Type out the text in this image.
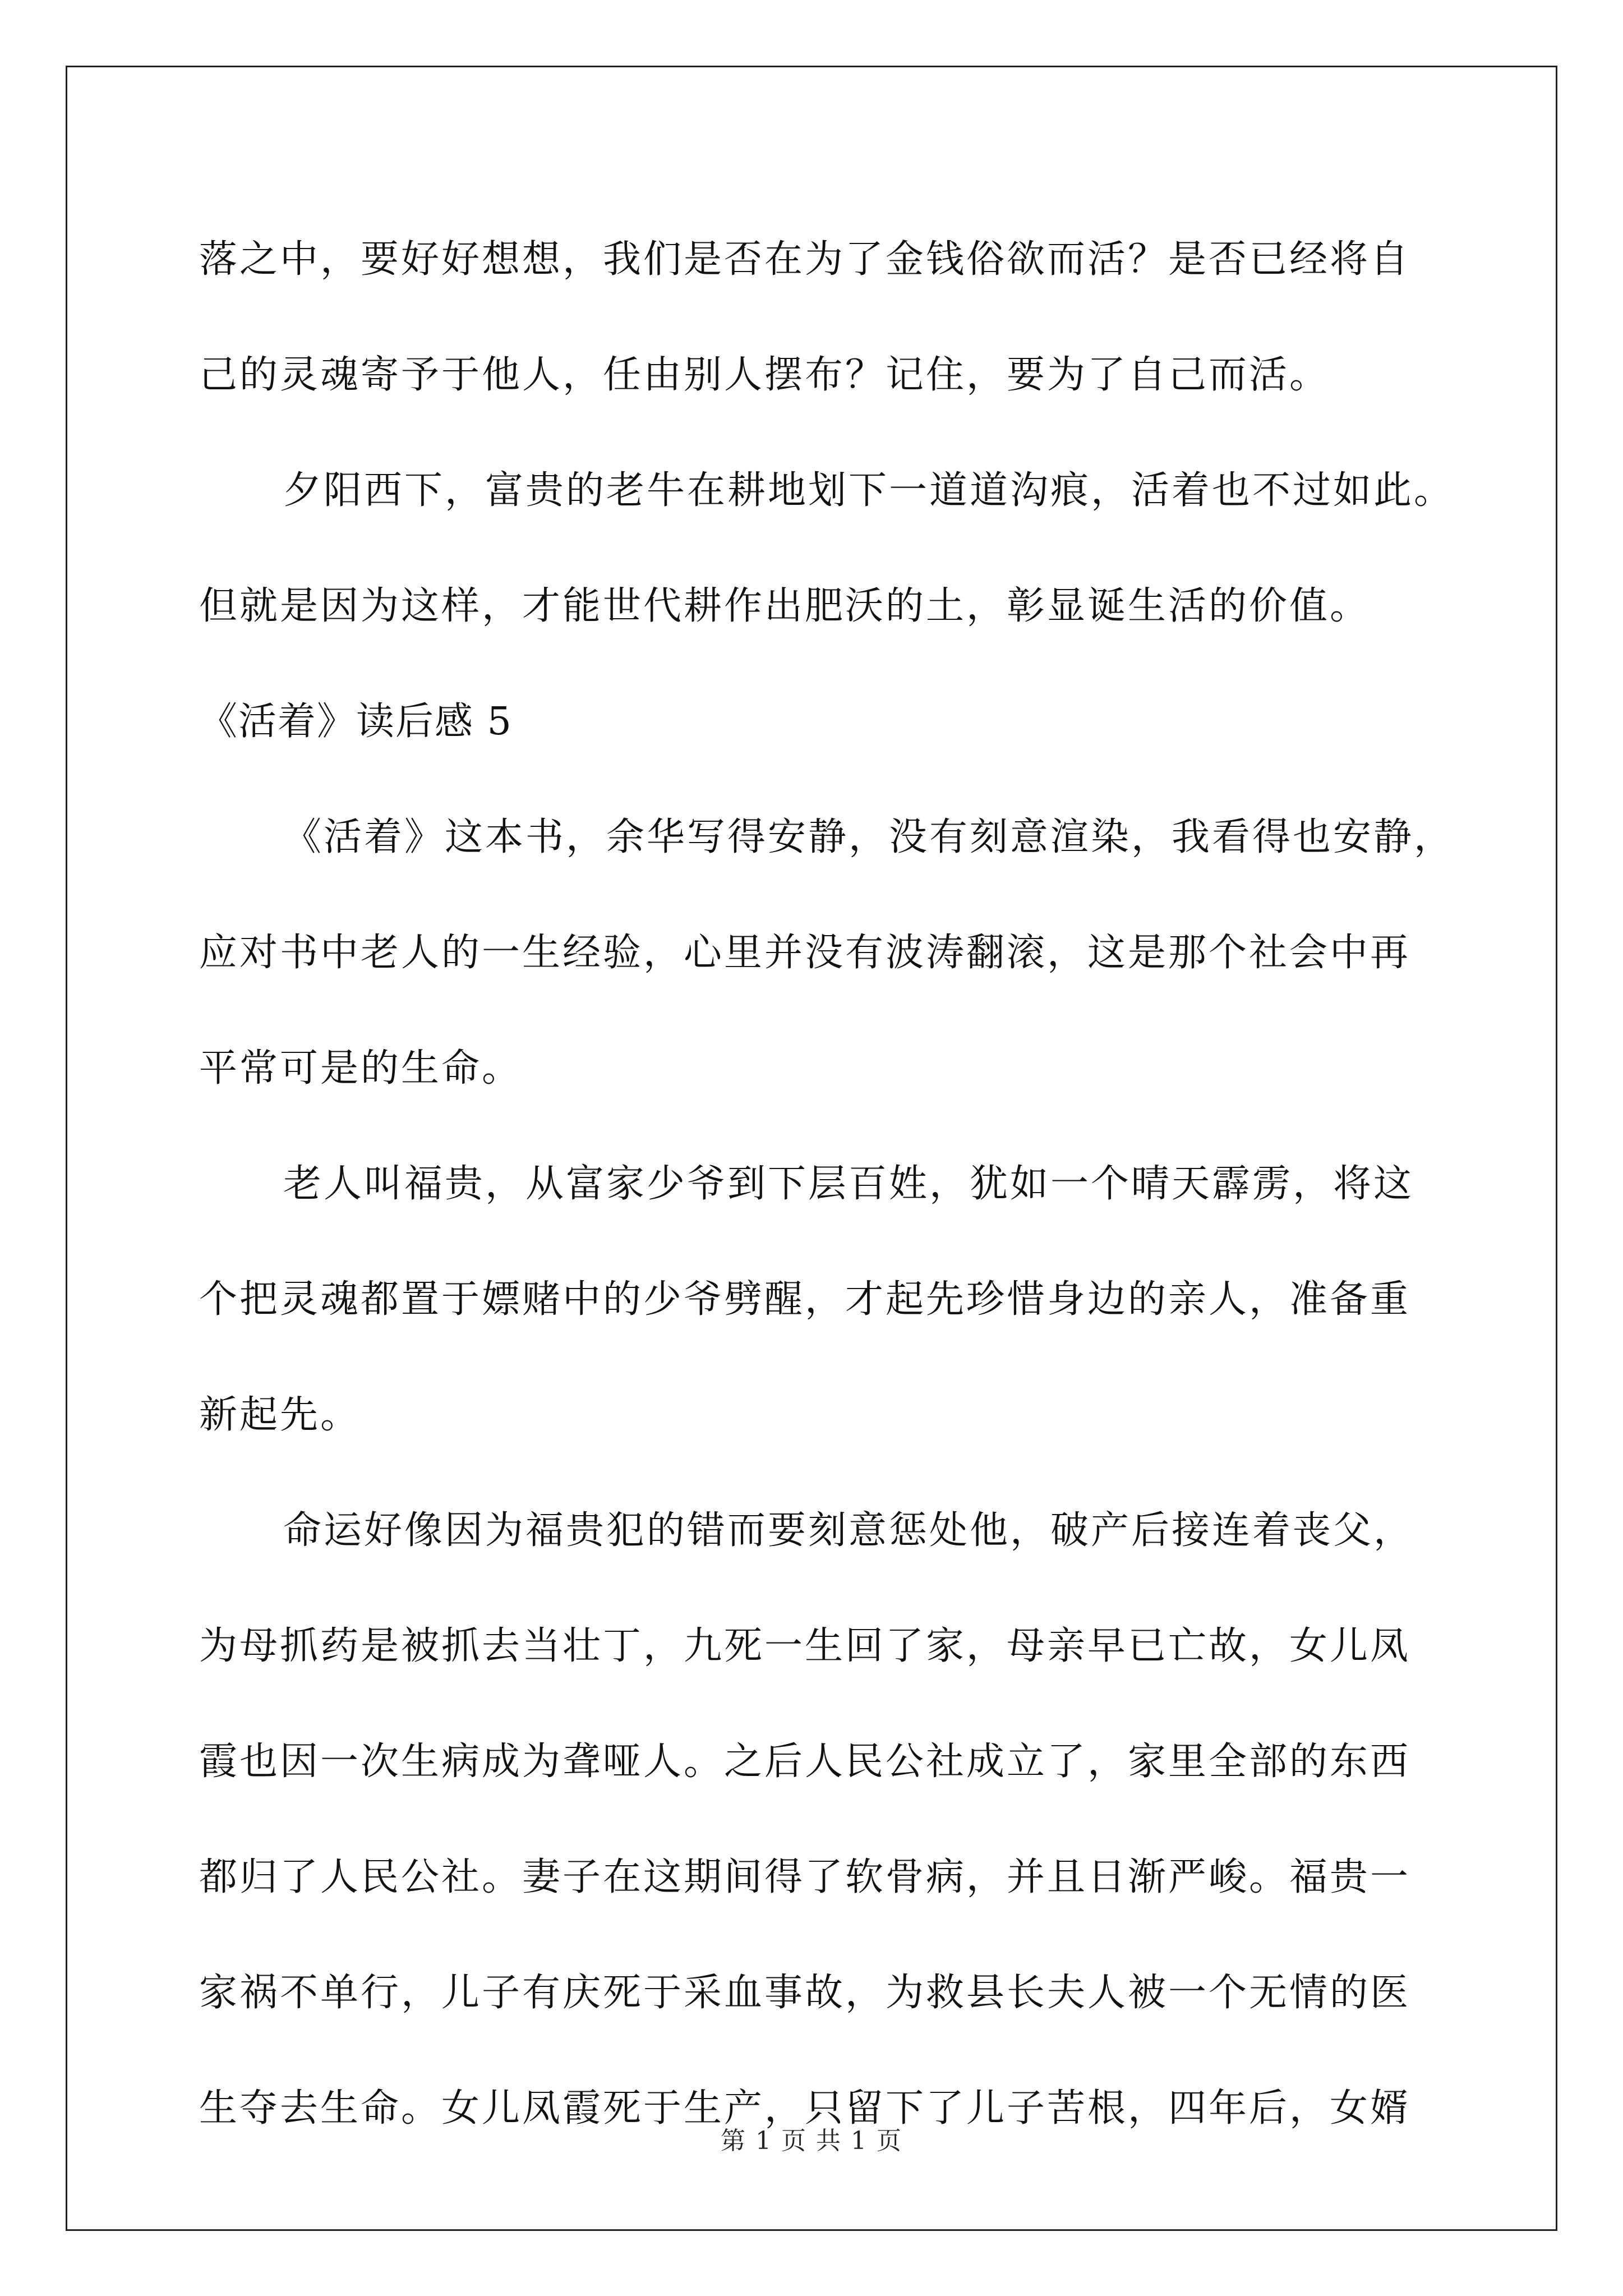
落之中，要好好想想，我们是否在为了金钱俗欲而活？是否已经将自
己的灵魂寄予于他人，任由别人摆布？记住，要为了自己而活。
夕阳西下，富贵的老牛在耕地划下一道道沟痕，活着也不过如此。
但就是因为这样，才能世代耕作出肥沃的土，彰显诞生活的价值。
《活着》读后感 5
《活着》这本书，余华写得安静，没有刻意渲染，我看得也安静，
应对书中老人的一生经验，心里并没有波涛翻滚，这是那个社会中再
平常可是的生命。
老人叫福贵，从富家少爷到下层百姓，犹如一个晴天霹雳，将这
个把灵魂都置于嫖赌中的少爷劈醒，才起先珍惜身边的亲人，准备重
新起先。
命运好像因为福贵犯的错而要刻意惩处他，破产后接连着丧父，
为母抓药是被抓去当壮丁，九死一生回了家，母亲早已亡故，女儿凤
霞也因一次生病成为聋哑人。之后人民公社成立了，家里全部的东西
都归了人民公社。妻子在这期间得了软骨病，并且日渐严峻。福贵一
家祸不单行，儿子有庆死于采血事故，为救县长夫人被一个无情的医
生夺去生命。女儿凤霞死于生产，只留下了儿子苦根，四年后，女婿
第 1 页 共 1 页
